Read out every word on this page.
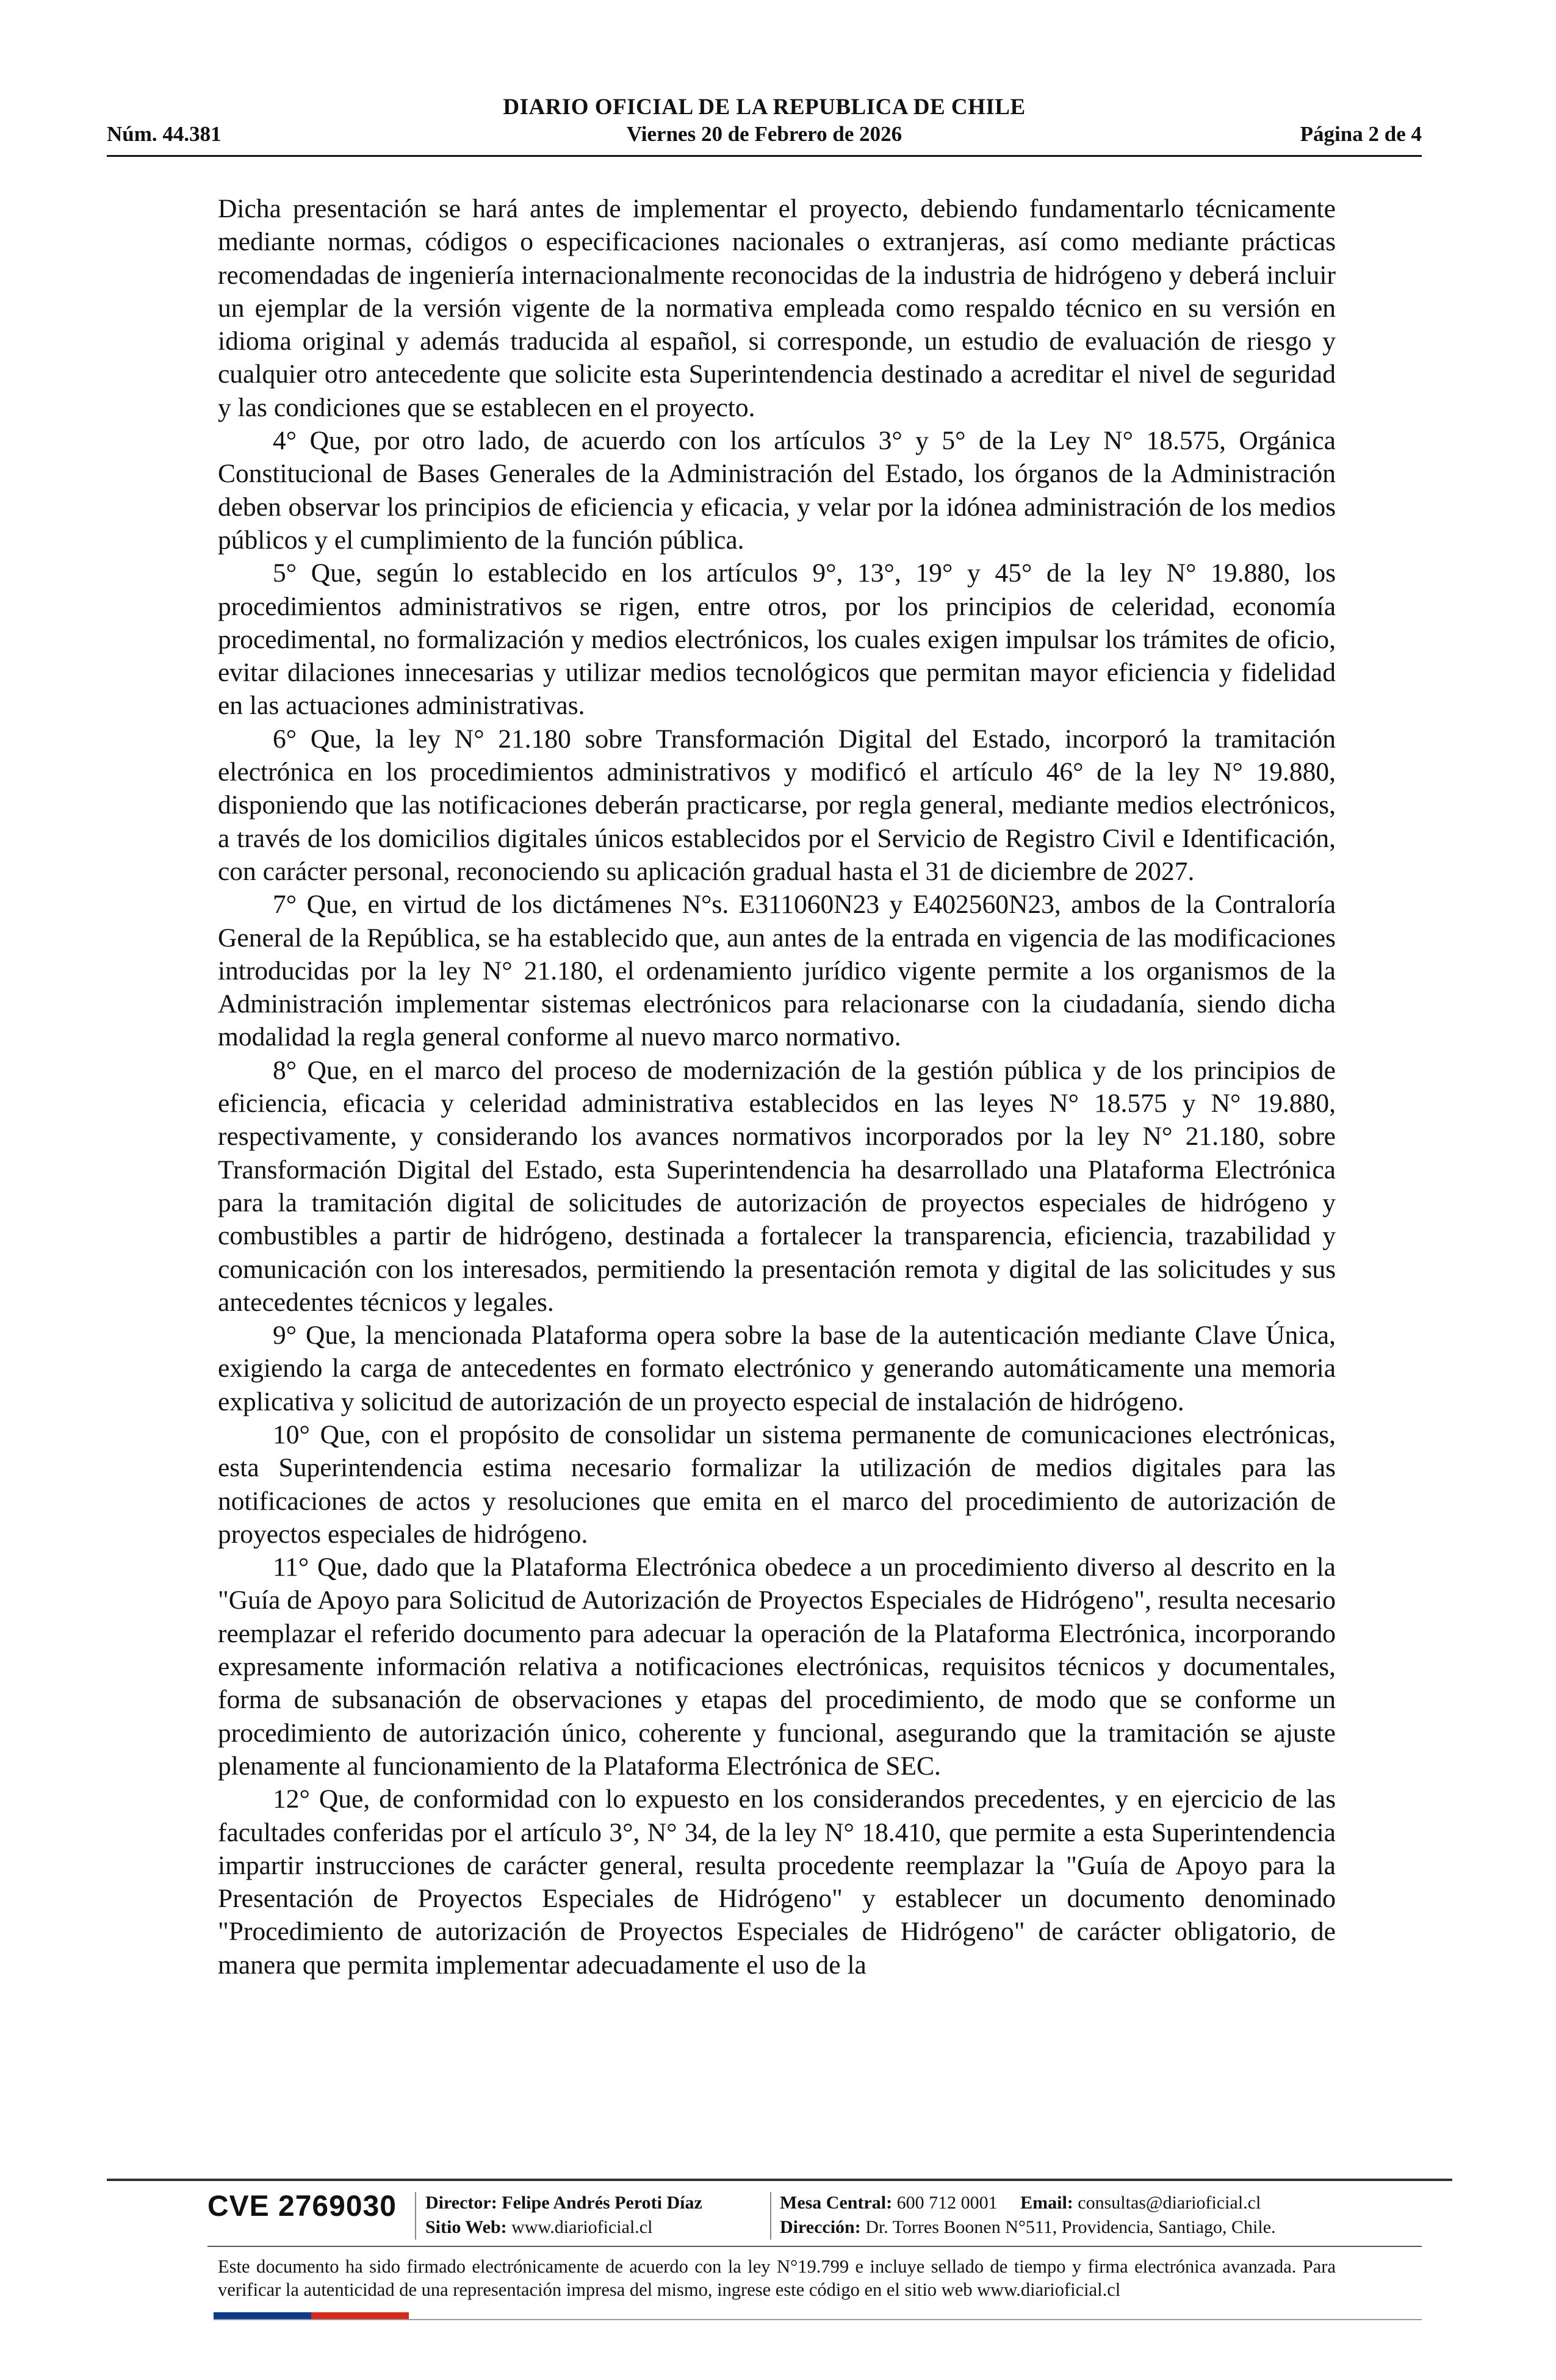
DIARIO OFICIAL DE LA REPUBLICA DE CHILE
Núm. 44.381	Viernes 20 de Febrero de 2026	Página 2 de 4

Dicha presentación se hará antes de implementar el proyecto, debiendo fundamentarlo técnicamente mediante normas, códigos o especificaciones nacionales o extranjeras, así como mediante prácticas recomendadas de ingeniería internacionalmente reconocidas de la industria de hidrógeno y deberá incluir un ejemplar de la versión vigente de la normativa empleada como respaldo técnico en su versión en idioma original y además traducida al español, si corresponde, un estudio de evaluación de riesgo y cualquier otro antecedente que solicite esta Superintendencia destinado a acreditar el nivel de seguridad y las condiciones que se establecen en el proyecto.

4° Que, por otro lado, de acuerdo con los artículos 3° y 5° de la Ley N° 18.575, Orgánica Constitucional de Bases Generales de la Administración del Estado, los órganos de la Administración deben observar los principios de eficiencia y eficacia, y velar por la idónea administración de los medios públicos y el cumplimiento de la función pública.

5° Que, según lo establecido en los artículos 9°, 13°, 19° y 45° de la ley N° 19.880, los procedimientos administrativos se rigen, entre otros, por los principios de celeridad, economía procedimental, no formalización y medios electrónicos, los cuales exigen impulsar los trámites de oficio, evitar dilaciones innecesarias y utilizar medios tecnológicos que permitan mayor eficiencia y fidelidad en las actuaciones administrativas.

6° Que, la ley N° 21.180 sobre Transformación Digital del Estado, incorporó la tramitación electrónica en los procedimientos administrativos y modificó el artículo 46° de la ley N° 19.880, disponiendo que las notificaciones deberán practicarse, por regla general, mediante medios electrónicos, a través de los domicilios digitales únicos establecidos por el Servicio de Registro Civil e Identificación, con carácter personal, reconociendo su aplicación gradual hasta el 31 de diciembre de 2027.

7° Que, en virtud de los dictámenes N°s. E311060N23 y E402560N23, ambos de la Contraloría General de la República, se ha establecido que, aun antes de la entrada en vigencia de las modificaciones introducidas por la ley N° 21.180, el ordenamiento jurídico vigente permite a los organismos de la Administración implementar sistemas electrónicos para relacionarse con la ciudadanía, siendo dicha modalidad la regla general conforme al nuevo marco normativo.

8° Que, en el marco del proceso de modernización de la gestión pública y de los principios de eficiencia, eficacia y celeridad administrativa establecidos en las leyes N° 18.575 y N° 19.880, respectivamente, y considerando los avances normativos incorporados por la ley N° 21.180, sobre Transformación Digital del Estado, esta Superintendencia ha desarrollado una Plataforma Electrónica para la tramitación digital de solicitudes de autorización de proyectos especiales de hidrógeno y combustibles a partir de hidrógeno, destinada a fortalecer la transparencia, eficiencia, trazabilidad y comunicación con los interesados, permitiendo la presentación remota y digital de las solicitudes y sus antecedentes técnicos y legales.

9° Que, la mencionada Plataforma opera sobre la base de la autenticación mediante Clave Única, exigiendo la carga de antecedentes en formato electrónico y generando automáticamente una memoria explicativa y solicitud de autorización de un proyecto especial de instalación de hidrógeno.

10° Que, con el propósito de consolidar un sistema permanente de comunicaciones electrónicas, esta Superintendencia estima necesario formalizar la utilización de medios digitales para las notificaciones de actos y resoluciones que emita en el marco del procedimiento de autorización de proyectos especiales de hidrógeno.

11° Que, dado que la Plataforma Electrónica obedece a un procedimiento diverso al descrito en la "Guía de Apoyo para Solicitud de Autorización de Proyectos Especiales de Hidrógeno", resulta necesario reemplazar el referido documento para adecuar la operación de la Plataforma Electrónica, incorporando expresamente información relativa a notificaciones electrónicas, requisitos técnicos y documentales, forma de subsanación de observaciones y etapas del procedimiento, de modo que se conforme un procedimiento de autorización único, coherente y funcional, asegurando que la tramitación se ajuste plenamente al funcionamiento de la Plataforma Electrónica de SEC.

12° Que, de conformidad con lo expuesto en los considerandos precedentes, y en ejercicio de las facultades conferidas por el artículo 3°, N° 34, de la ley N° 18.410, que permite a esta Superintendencia impartir instrucciones de carácter general, resulta procedente reemplazar la "Guía de Apoyo para la Presentación de Proyectos Especiales de Hidrógeno" y establecer un documento denominado "Procedimiento de autorización de Proyectos Especiales de Hidrógeno" de carácter obligatorio, de manera que permita implementar adecuadamente el uso de la

CVE 2769030 Director: Felipe Andrés Peroti Díaz
Sitio Web: www.diarioficial.cl
Mesa Central: 600 712 0001 Email: consultas@diarioficial.cl
Dirección: Dr. Torres Boonen N°511, Providencia, Santiago, Chile.
Este documento ha sido firmado electrónicamente de acuerdo con la ley N°19.799 e incluye sellado de tiempo y firma electrónica avanzada. Para verificar la autenticidad de una representación impresa del mismo, ingrese este código en el sitio web www.diarioficial.cl
